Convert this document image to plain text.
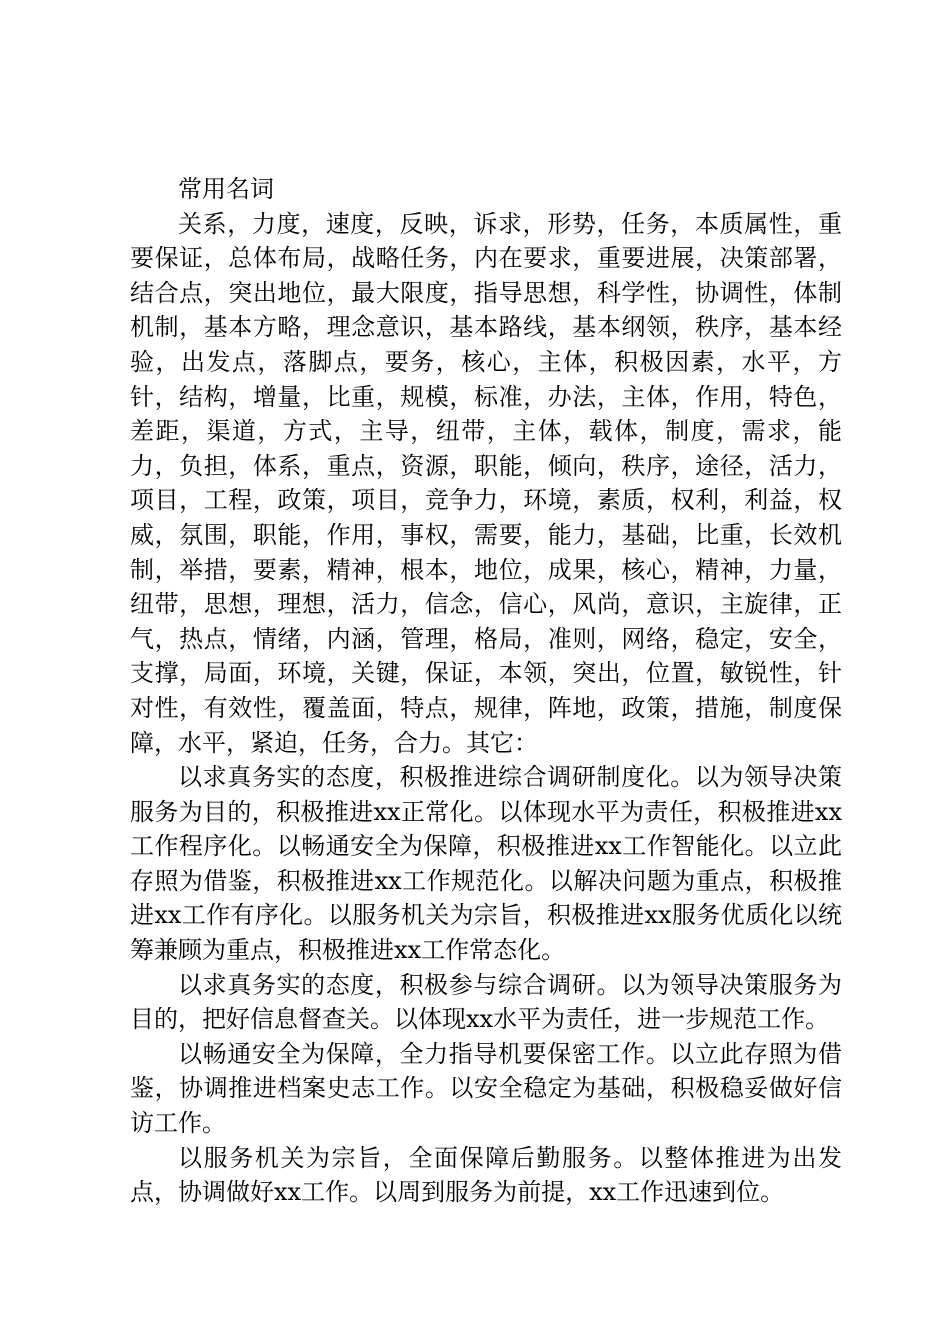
常用名词

关系，力度，速度，反映，诉求，形势，任务，本质属性，重要保证，总体布局，战略任务，内在要求，重要进展，决策部署，结合点，突出地位，最大限度，指导思想，科学性，协调性，体制机制，基本方略，理念意识，基本路线，基本纲领，秩序，基本经验，出发点，落脚点，要务，核心，主体，积极因素，水平，方针，结构，增量，比重，规模，标准，办法，主体，作用，特色，差距，渠道，方式，主导，纽带，主体，载体，制度，需求，能力，负担，体系，重点，资源，职能，倾向，秩序，途径，活力，项目，工程，政策，项目，竞争力，环境，素质，权利，利益，权威，氛围，职能，作用，事权，需要，能力，基础，比重，长效机制，举措，要素，精神，根本，地位，成果，核心，精神，力量，纽带，思想，理想，活力，信念，信心，风尚，意识，主旋律，正气，热点，情绪，内涵，管理，格局，准则，网络，稳定，安全，支撑，局面，环境，关键，保证，本领，突出，位置，敏锐性，针对性，有效性，覆盖面，特点，规律，阵地，政策，措施，制度保障，水平，紧迫，任务，合力。其它：

以求真务实的态度，积极推进综合调研制度化。以为领导决策服务为目的，积极推进xx正常化。以体现水平为责任，积极推进xx工作程序化。以畅通安全为保障，积极推进xx工作智能化。以立此存照为借鉴，积极推进xx工作规范化。以解决问题为重点，积极推进xx工作有序化。以服务机关为宗旨，积极推进xx服务优质化以统筹兼顾为重点，积极推进xx工作常态化。

以求真务实的态度，积极参与综合调研。以为领导决策服务为目的，把好信息督查关。以体现xx水平为责任，进一步规范工作。

以畅通安全为保障，全力指导机要保密工作。以立此存照为借鉴，协调推进档案史志工作。以安全稳定为基础，积极稳妥做好信访工作。

以服务机关为宗旨，全面保障后勤服务。以整体推进为出发点，协调做好xx工作。以周到服务为前提，xx工作迅速到位。
